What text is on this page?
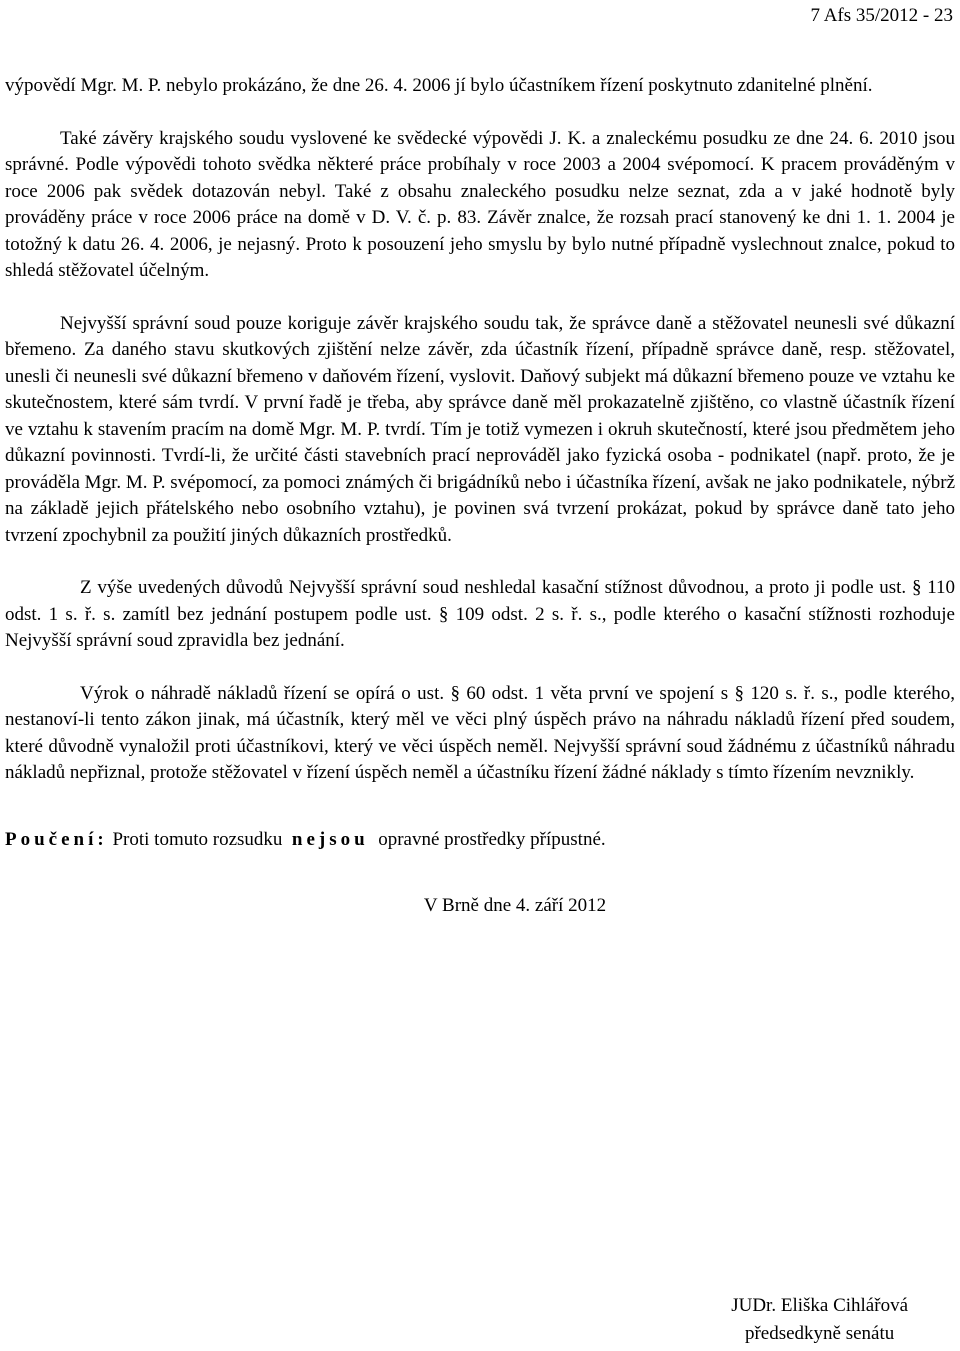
7 Afs 35/2012 - 23

výpovědí Mgr. M. P. nebylo prokázáno, že dne 26. 4. 2006 jí bylo účastníkem řízení poskytnuto zdanitelné plnění.

Také závěry krajského soudu vyslovené ke svědecké výpovědi J. K. a znaleckému posudku ze dne 24. 6. 2010 jsou správné. Podle výpovědi tohoto svědka některé práce probíhaly v roce 2003 a 2004 svépomocí. K pracem prováděným v roce 2006 pak svědek dotazován nebyl. Také z obsahu znaleckého posudku nelze seznat, zda a v jaké hodnotě byly prováděny práce v roce 2006 práce na domě v D. V. č. p. 83. Závěr znalce, že rozsah prací stanovený ke dni 1. 1. 2004 je totožný k datu 26. 4. 2006, je nejasný. Proto k posouzení jeho smyslu by bylo nutné případně vyslechnout znalce, pokud to shledá stěžovatel účelným.

Nejvyšší správní soud pouze koriguje závěr krajského soudu tak, že správce daně a stěžovatel neunesli své důkazní břemeno. Za daného stavu skutkových zjištění nelze závěr, zda účastník řízení, případně správce daně, resp. stěžovatel, unesli či neunesli své důkazní břemeno v daňovém řízení, vyslovit. Daňový subjekt má důkazní břemeno pouze ve vztahu ke skutečnostem, které sám tvrdí. V první řadě je třeba, aby správce daně měl prokazatelně zjištěno, co vlastně účastník řízení ve vztahu k stavením pracím na domě Mgr. M. P. tvrdí. Tím je totiž vymezen i okruh skutečností, které jsou předmětem jeho důkazní povinnosti. Tvrdí-li, že určité části stavebních prací neprováděl jako fyzická osoba - podnikatel (např. proto, že je prováděla Mgr. M. P. svépomocí, za pomoci známých či brigádníků nebo i účastníka řízení, avšak ne jako podnikatele, nýbrž na základě jejich přátelského nebo osobního vztahu), je povinen svá tvrzení prokázat, pokud by správce daně tato jeho tvrzení zpochybnil za použití jiných důkazních prostředků.

Z výše uvedených důvodů Nejvyšší správní soud neshledal kasační stížnost důvodnou, a proto ji podle ust. § 110 odst. 1 s. ř. s. zamítl bez jednání postupem podle ust. § 109 odst. 2 s. ř. s., podle kterého o kasační stížnosti rozhoduje Nejvyšší správní soud zpravidla bez jednání.

Výrok o náhradě nákladů řízení se opírá o ust. § 60 odst. 1 věta první ve spojení s § 120 s. ř. s., podle kterého, nestanoví-li tento zákon jinak, má účastník, který měl ve věci plný úspěch právo na náhradu nákladů řízení před soudem, které důvodně vynaložil proti účastníkovi, který ve věci úspěch neměl. Nejvyšší správní soud žádnému z účastníků náhradu nákladů nepřiznal, protože stěžovatel v řízení úspěch neměl a účastníku řízení žádné náklady s tímto řízením nevznikly.

Poučení: Proti tomuto rozsudku nejsou opravné prostředky přípustné.

V Brně dne 4. září 2012

JUDr. Eliška Cihlářová
předsedkyně senátu
